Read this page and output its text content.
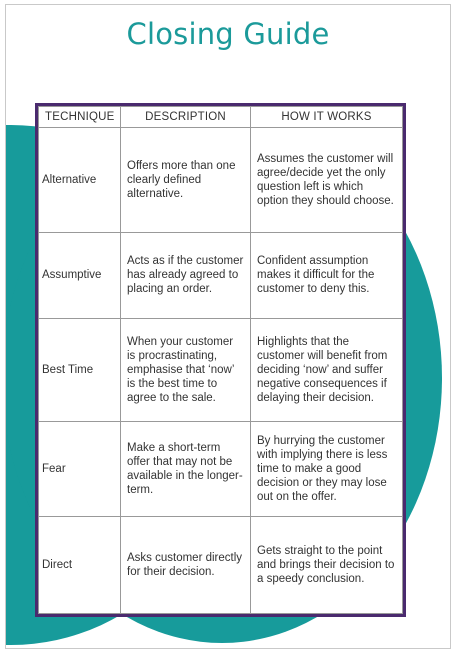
Closing Guide
TECHNIQUE	DESCRIPTION	HOW IT WORKS
Alternative	Offers more than one clearly defined alternative.	Assumes the customer will agree/decide yet the only question left is which option they should choose.
Assumptive	Acts as if the customer has already agreed to placing an order.	Confident assumption makes it difficult for the customer to deny this.
Best Time	When your customer is procrastinating, emphasise that ‘now’ is the best time to agree to the sale.	Highlights that the customer will benefit from deciding ‘now’ and suffer negative consequences if delaying their decision.
Fear	Make a short-term offer that may not be available in the longer-term.	By hurrying the customer with implying there is less time to make a good decision or they may lose out on the offer.
Direct	Asks customer directly for their decision.	Gets straight to the point and brings their decision to a speedy conclusion.
